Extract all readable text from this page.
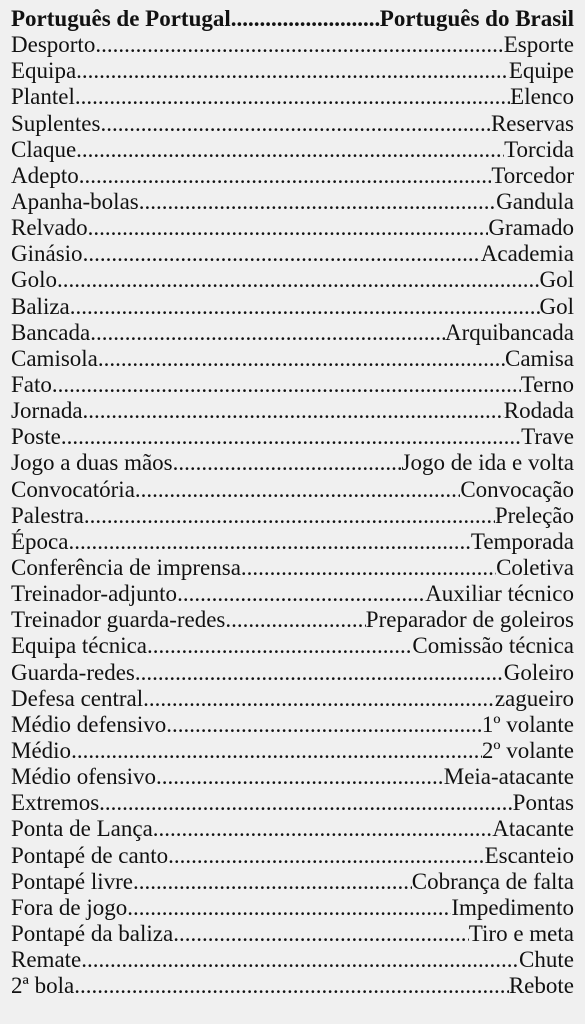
Português de Portugal .....	Português do Brasil
Desporto .....	Esporte
Equipa .....	Equipe
Plantel .....	Elenco
Suplentes .....	Reservas
Claque .....	Torcida
Adepto .....	Torcedor
Apanha-bolas .....	Gandula
Relvado .....	Gramado
Ginásio .....	Academia
Golo .....	Gol
Baliza .....	Gol
Bancada .....	Arquibancada
Camisola .....	Camisa
Fato .....	Terno
Jornada .....	Rodada
Poste .....	Trave
Jogo a duas mãos .....	Jogo de ida e volta
Convocatória .....	Convocação
Palestra .....	Preleção
Época .....	Temporada
Conferência de imprensa .....	Coletiva
Treinador-adjunto .....	Auxiliar técnico
Treinador guarda-redes .....	Preparador de goleiros
Equipa técnica .....	Comissão técnica
Guarda-redes .....	Goleiro
Defesa central .....	zagueiro
Médio defensivo .....	1º volante
Médio .....	2º volante
Médio ofensivo .....	Meia-atacante
Extremos .....	Pontas
Ponta de Lança .....	Atacante
Pontapé de canto .....	Escanteio
Pontapé livre .....	Cobrança de falta
Fora de jogo .....	Impedimento
Pontapé da baliza .....	Tiro e meta
Remate .....	Chute
2ª bola .....	Rebote
